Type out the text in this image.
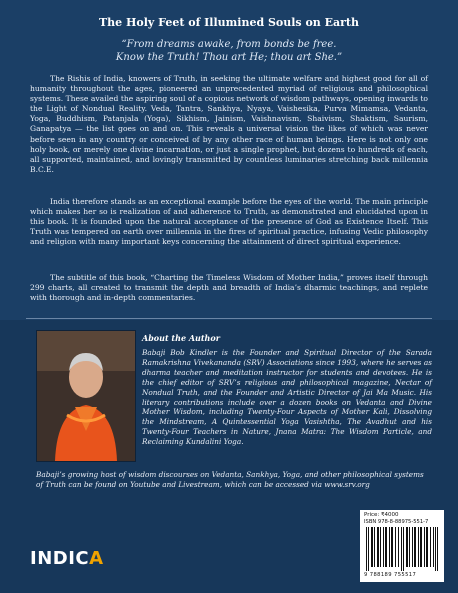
The Holy Feet of Illumined Souls on Earth
“From dreams awake, from bonds be free.
Know the Truth! Thou art He; thou art She.”

The Rishis of India, knowers of Truth, in seeking the ultimate welfare and highest good for all of humanity throughout the ages, pioneered an unprecedented myriad of religious and philosophical systems. These availed the aspiring soul of a copious network of wisdom pathways, opening inwards to the Light of Nondual Reality. Veda, Tantra, Sankhya, Nyaya, Vaishesika, Purva Mimamsa, Vedanta, Yoga, Buddhism, Patanjala (Yoga), Sikhism, Jainism, Vaishnavism, Shaivism, Shaktism, Saurism, Ganapatya — the list goes on and on. This reveals a universal vision the likes of which was never before seen in any country or conceived of by any other race of human beings. Here is not only one holy book, or merely one divine incarnation, or just a single prophet, but dozens to hundreds of each, all supported, maintained, and lovingly transmitted by countless luminaries stretching back millennia B.C.E.

India therefore stands as an exceptional example before the eyes of the world. The main principle which makes her so is realization of and adherence to Truth, as demonstrated and elucidated upon in this book. It is founded upon the natural acceptance of the presence of God as Existence Itself. This Truth was tempered on earth over millennia in the fires of spiritual practice, infusing Vedic philosophy and religion with many important keys concerning the attainment of direct spiritual experience.

The subtitle of this book, “Charting the Timeless Wisdom of Mother India,” proves itself through 299 charts, all created to transmit the depth and breadth of India’s dharmic teachings, and replete with thorough and in-depth commentaries.

About the Author

Babaji Bob Kindler is the Founder and Spiritual Director of the Sarada Ramakrishna Vivekananda (SRV) Associations since 1993, where he serves as dharma teacher and meditation instructor for students and devotees. He is the chief editor of SRV’s religious and philosophical magazine, Nectar of Nondual Truth, and the Founder and Artistic Director of Jai Ma Music. His literary contributions include over a dozen books on Vedanta and Divine Mother Wisdom, including Twenty-Four Aspects of Mother Kali, Dissolving the Mindstream, A Quintessential Yoga Vasishtha, The Avadhut and his Twenty-Four Teachers in Nature, Jnana Matra: The Wisdom Particle, and Reclaiming Kundalini Yoga.

Babaji’s growing host of wisdom discourses on Vedanta, Sankhya, Yoga, and other philosophical systems of Truth can be found on Youtube and Livestream, which can be accessed via www.srv.org

INDICA
Price: ₹4000
ISBN 978-8-88975-551-7
9 788189 755517
